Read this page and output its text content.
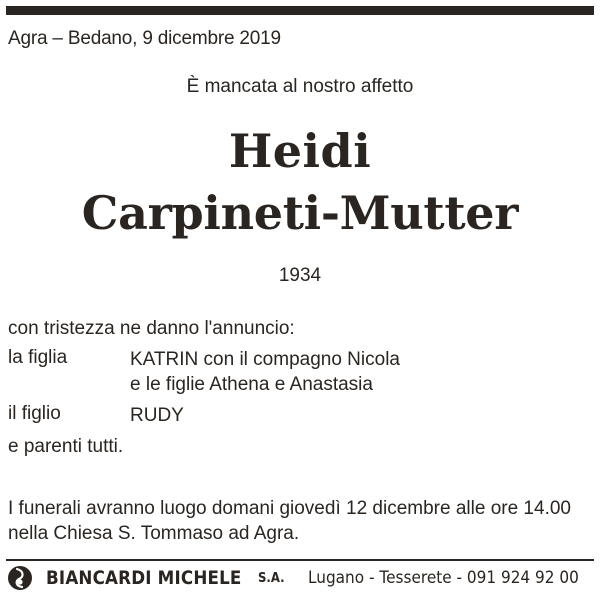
Agra – Bedano, 9 dicembre 2019
È mancata al nostro affetto
Heidi
Carpineti-Mutter
1934
con tristezza ne danno l'annuncio:
la figlia	KATRIN con il compagno Nicola
e le figlie Athena e Anastasia
il figlio	RUDY
e parenti tutti.
I funerali avranno luogo domani giovedì 12 dicembre alle ore 14.00
nella Chiesa S. Tommaso ad Agra.
BIANCARDI MICHELE S.A. Lugano - Tesserete - 091 924 92 00
